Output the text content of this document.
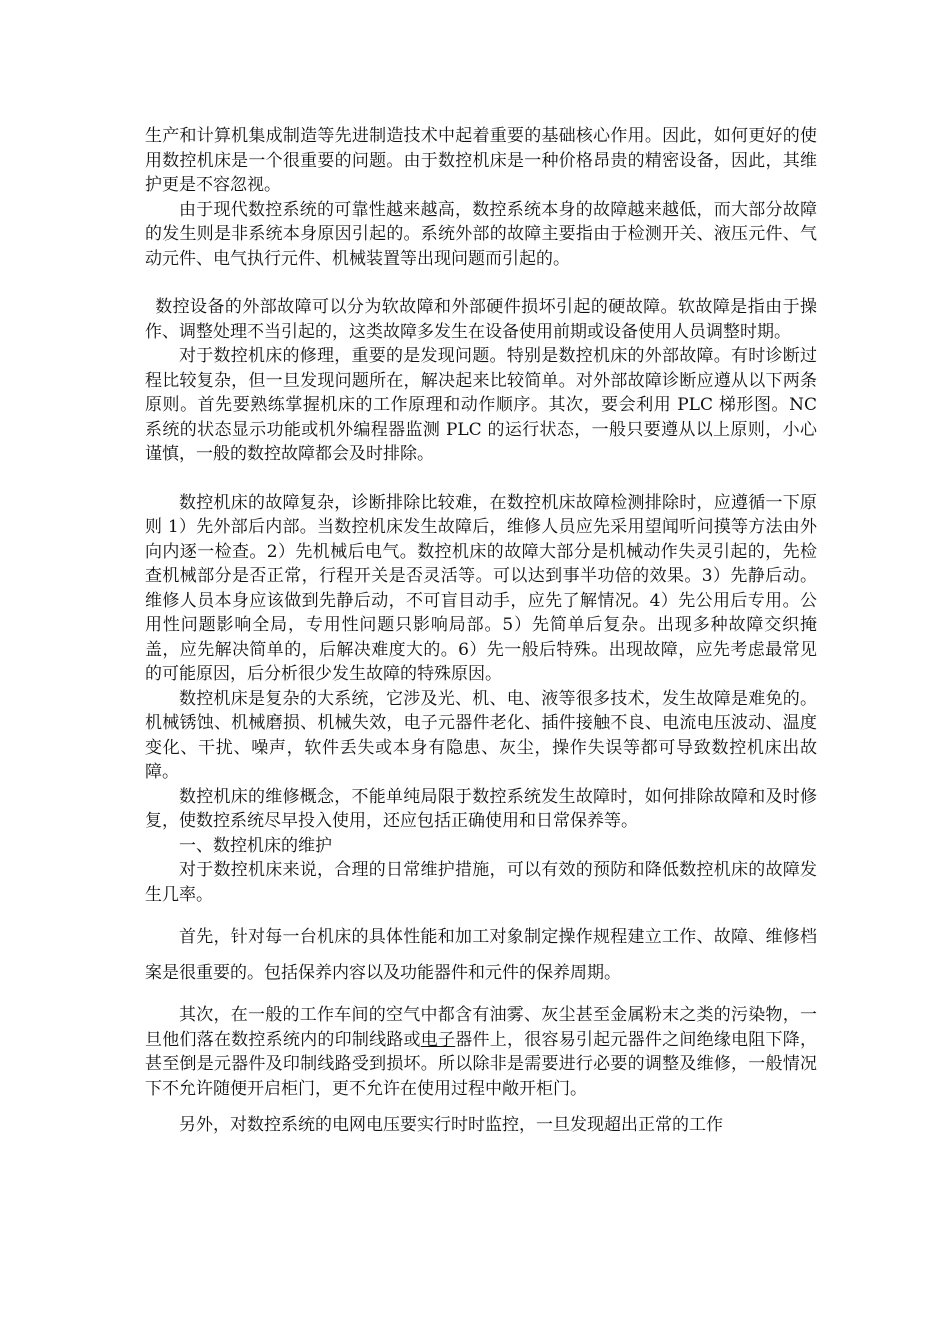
生产和计算机集成制造等先进制造技术中起着重要的基础核心作用。因此，如何更好的使用数控机床是一个很重要的问题。由于数控机床是一种价格昂贵的精密设备，因此，其维护更是不容忽视。

由于现代数控系统的可靠性越来越高，数控系统本身的故障越来越低，而大部分故障的发生则是非系统本身原因引起的。系统外部的故障主要指由于检测开关、液压元件、气动元件、电气执行元件、机械装置等出现问题而引起的。

数控设备的外部故障可以分为软故障和外部硬件损坏引起的硬故障。软故障是指由于操作、调整处理不当引起的，这类故障多发生在设备使用前期或设备使用人员调整时期。

对于数控机床的修理，重要的是发现问题。特别是数控机床的外部故障。有时诊断过程比较复杂，但一旦发现问题所在，解决起来比较简单。对外部故障诊断应遵从以下两条原则。首先要熟练掌握机床的工作原理和动作顺序。其次，要会利用 PLC 梯形图。NC 系统的状态显示功能或机外编程器监测 PLC 的运行状态，一般只要遵从以上原则，小心谨慎，一般的数控故障都会及时排除。

数控机床的故障复杂，诊断排除比较难，在数控机床故障检测排除时，应遵循一下原则 1）先外部后内部。当数控机床发生故障后，维修人员应先采用望闻听问摸等方法由外向内逐一检查。2）先机械后电气。数控机床的故障大部分是机械动作失灵引起的，先检查机械部分是否正常，行程开关是否灵活等。可以达到事半功倍的效果。3）先静后动。维修人员本身应该做到先静后动，不可盲目动手，应先了解情况。4）先公用后专用。公用性问题影响全局，专用性问题只影响局部。5）先简单后复杂。出现多种故障交织掩盖，应先解决简单的，后解决难度大的。6）先一般后特殊。出现故障，应先考虑最常见的可能原因，后分析很少发生故障的特殊原因。

数控机床是复杂的大系统，它涉及光、机、电、液等很多技术，发生故障是难免的。机械锈蚀、机械磨损、机械失效，电子元器件老化、插件接触不良、电流电压波动、温度变化、干扰、噪声，软件丢失或本身有隐患、灰尘，操作失误等都可导致数控机床出故障。

数控机床的维修概念，不能单纯局限于数控系统发生故障时，如何排除故障和及时修复，使数控系统尽早投入使用，还应包括正确使用和日常保养等。

一、数控机床的维护

对于数控机床来说，合理的日常维护措施，可以有效的预防和降低数控机床的故障发生几率。

首先，针对每一台机床的具体性能和加工对象制定操作规程建立工作、故障、维修档案是很重要的。包括保养内容以及功能器件和元件的保养周期。

其次，在一般的工作车间的空气中都含有油雾、灰尘甚至金属粉末之类的污染物，一旦他们落在数控系统内的印制线路或电子器件上，很容易引起元器件之间绝缘电阻下降，甚至倒是元器件及印制线路受到损坏。所以除非是需要进行必要的调整及维修，一般情况下不允许随便开启柜门，更不允许在使用过程中敞开柜门。

另外，对数控系统的电网电压要实行时时监控，一旦发现超出正常的工作
